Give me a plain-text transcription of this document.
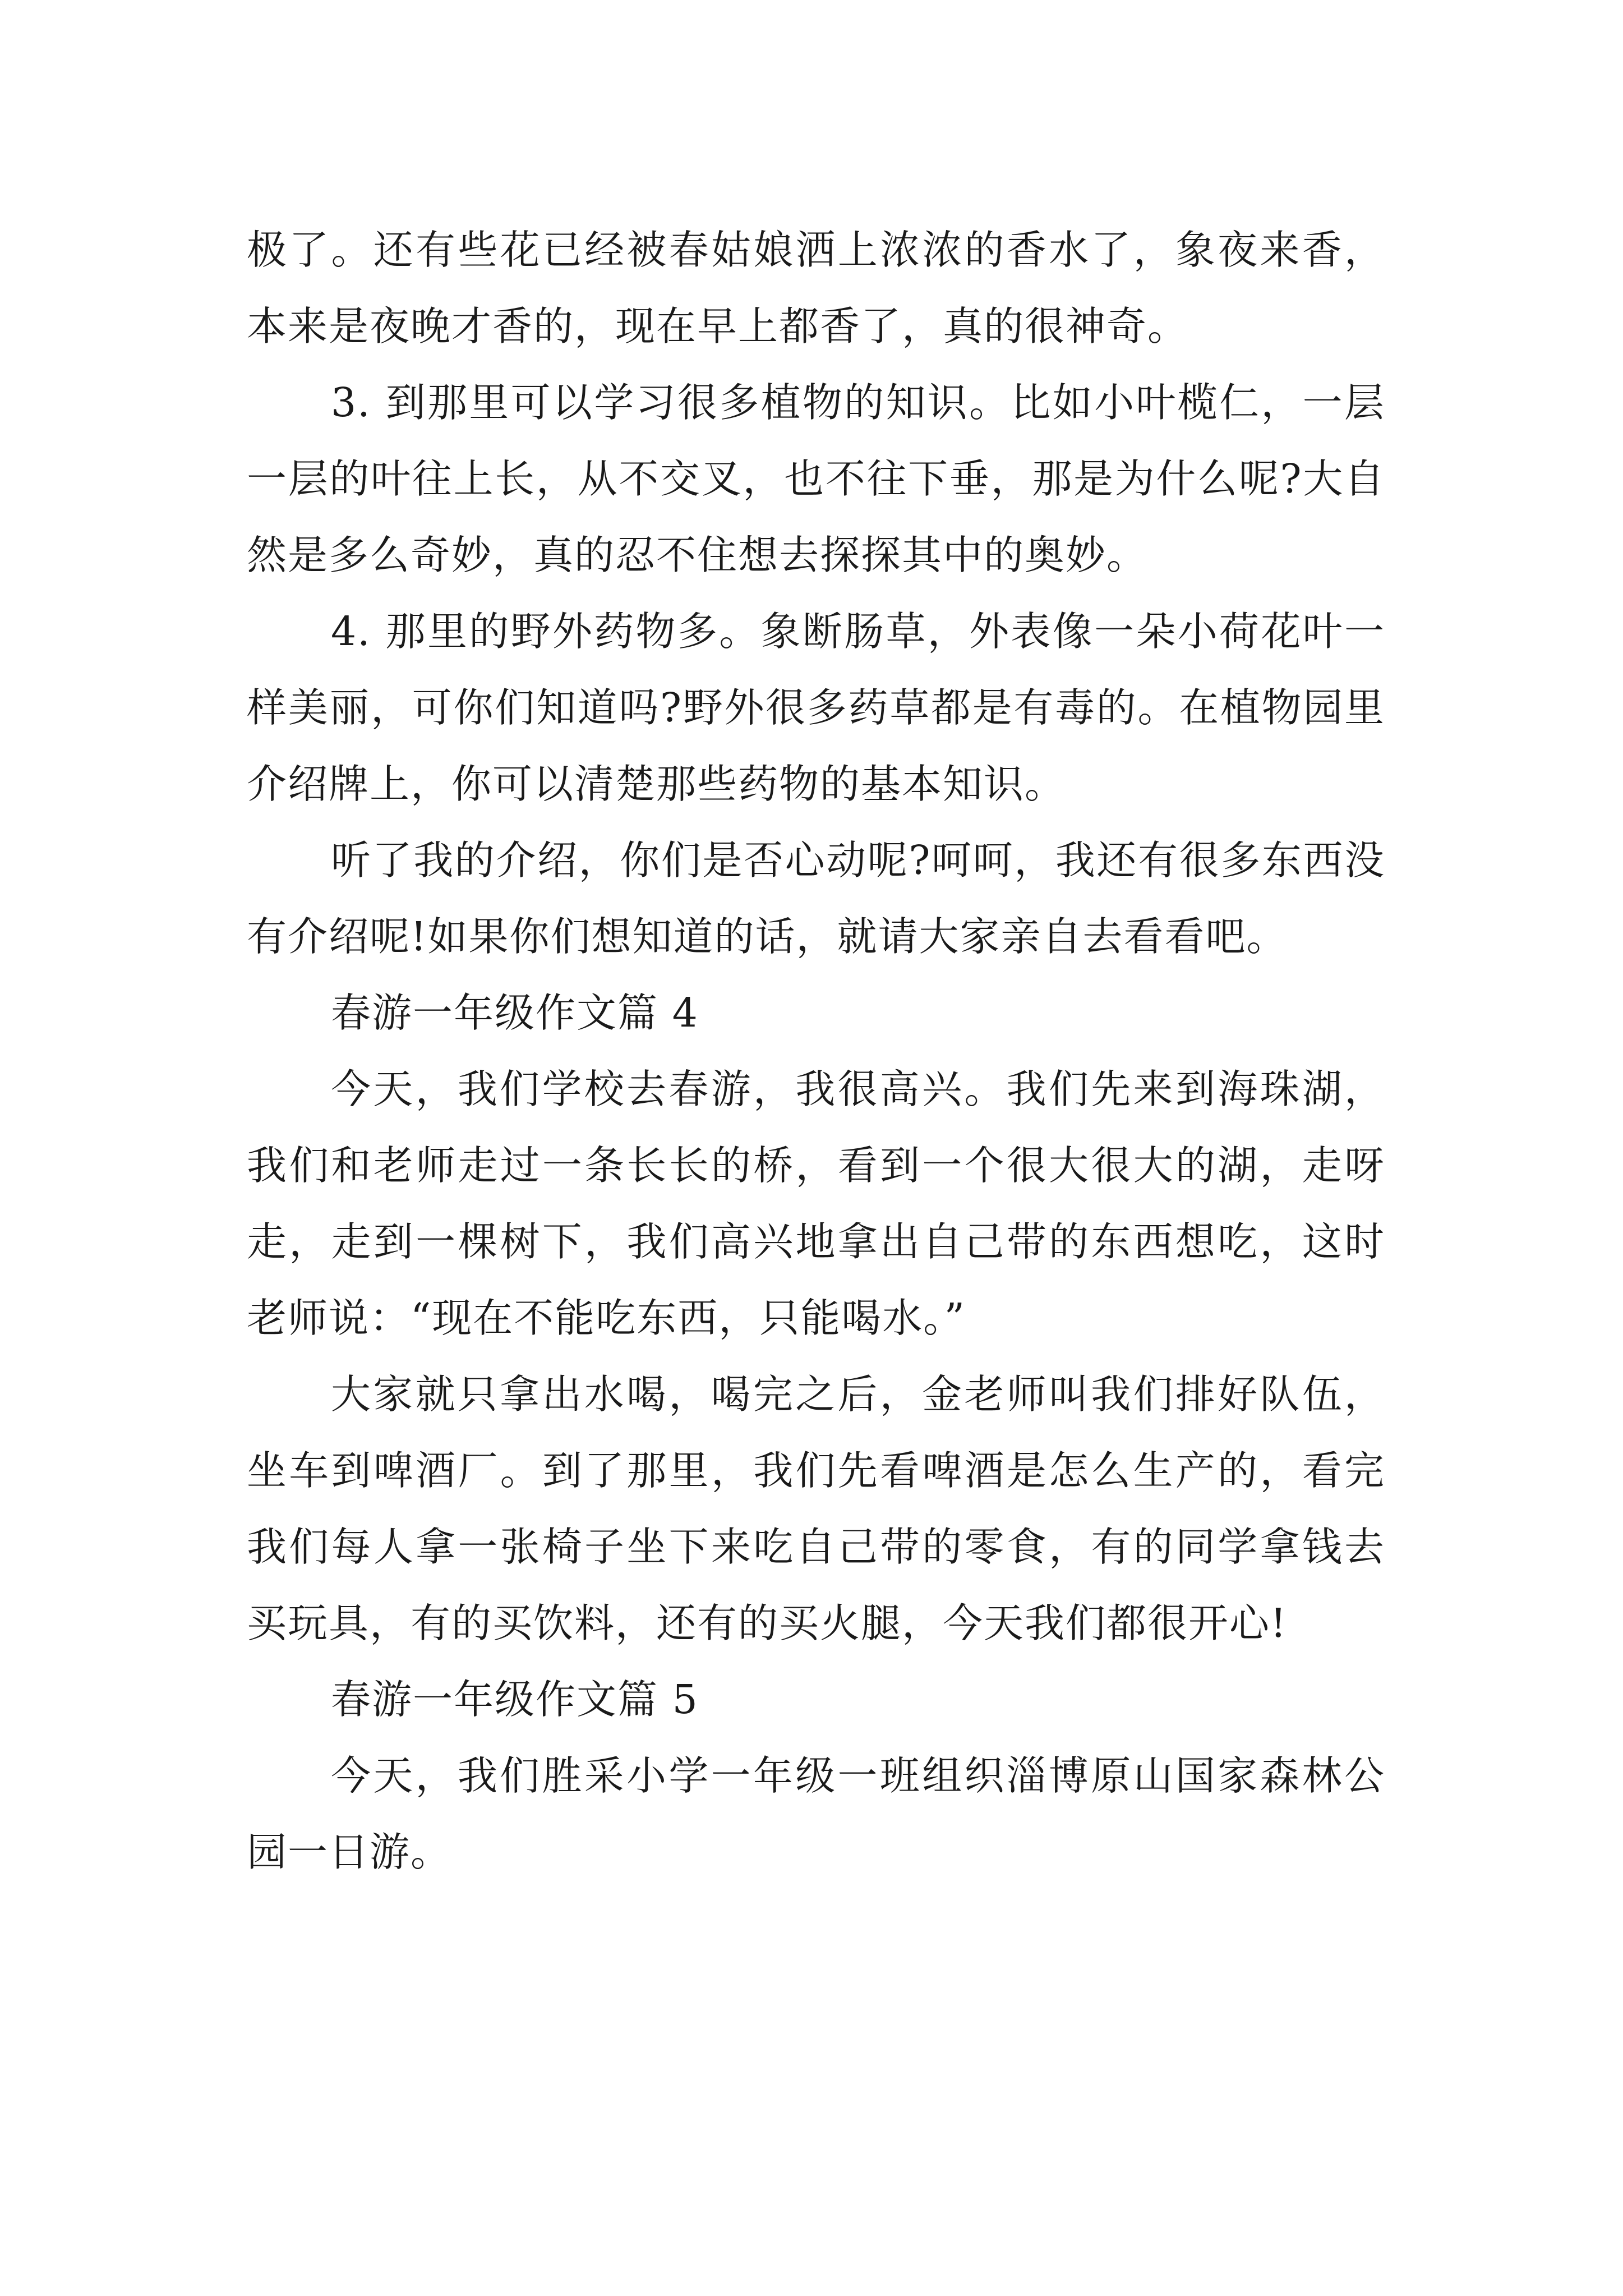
极了。还有些花已经被春姑娘洒上浓浓的香水了，象夜来香，本来是夜晚才香的，现在早上都香了，真的很神奇。

3. 到那里可以学习很多植物的知识。比如小叶榄仁，一层一层的叶往上长，从不交叉，也不往下垂，那是为什么呢?大自然是多么奇妙，真的忍不住想去探探其中的奥妙。

4. 那里的野外药物多。象断肠草，外表像一朵小荷花叶一样美丽，可你们知道吗?野外很多药草都是有毒的。在植物园里介绍牌上，你可以清楚那些药物的基本知识。

听了我的介绍，你们是否心动呢?呵呵，我还有很多东西没有介绍呢!如果你们想知道的话，就请大家亲自去看看吧。

春游一年级作文篇 4

今天，我们学校去春游，我很高兴。我们先来到海珠湖，我们和老师走过一条长长的桥，看到一个很大很大的湖，走呀走，走到一棵树下，我们高兴地拿出自己带的东西想吃，这时老师说：“现在不能吃东西，只能喝水。”

大家就只拿出水喝，喝完之后，金老师叫我们排好队伍，坐车到啤酒厂。到了那里，我们先看啤酒是怎么生产的，看完我们每人拿一张椅子坐下来吃自己带的零食，有的同学拿钱去买玩具，有的买饮料，还有的买火腿，今天我们都很开心!

春游一年级作文篇 5

今天，我们胜采小学一年级一班组织淄博原山国家森林公园一日游。
